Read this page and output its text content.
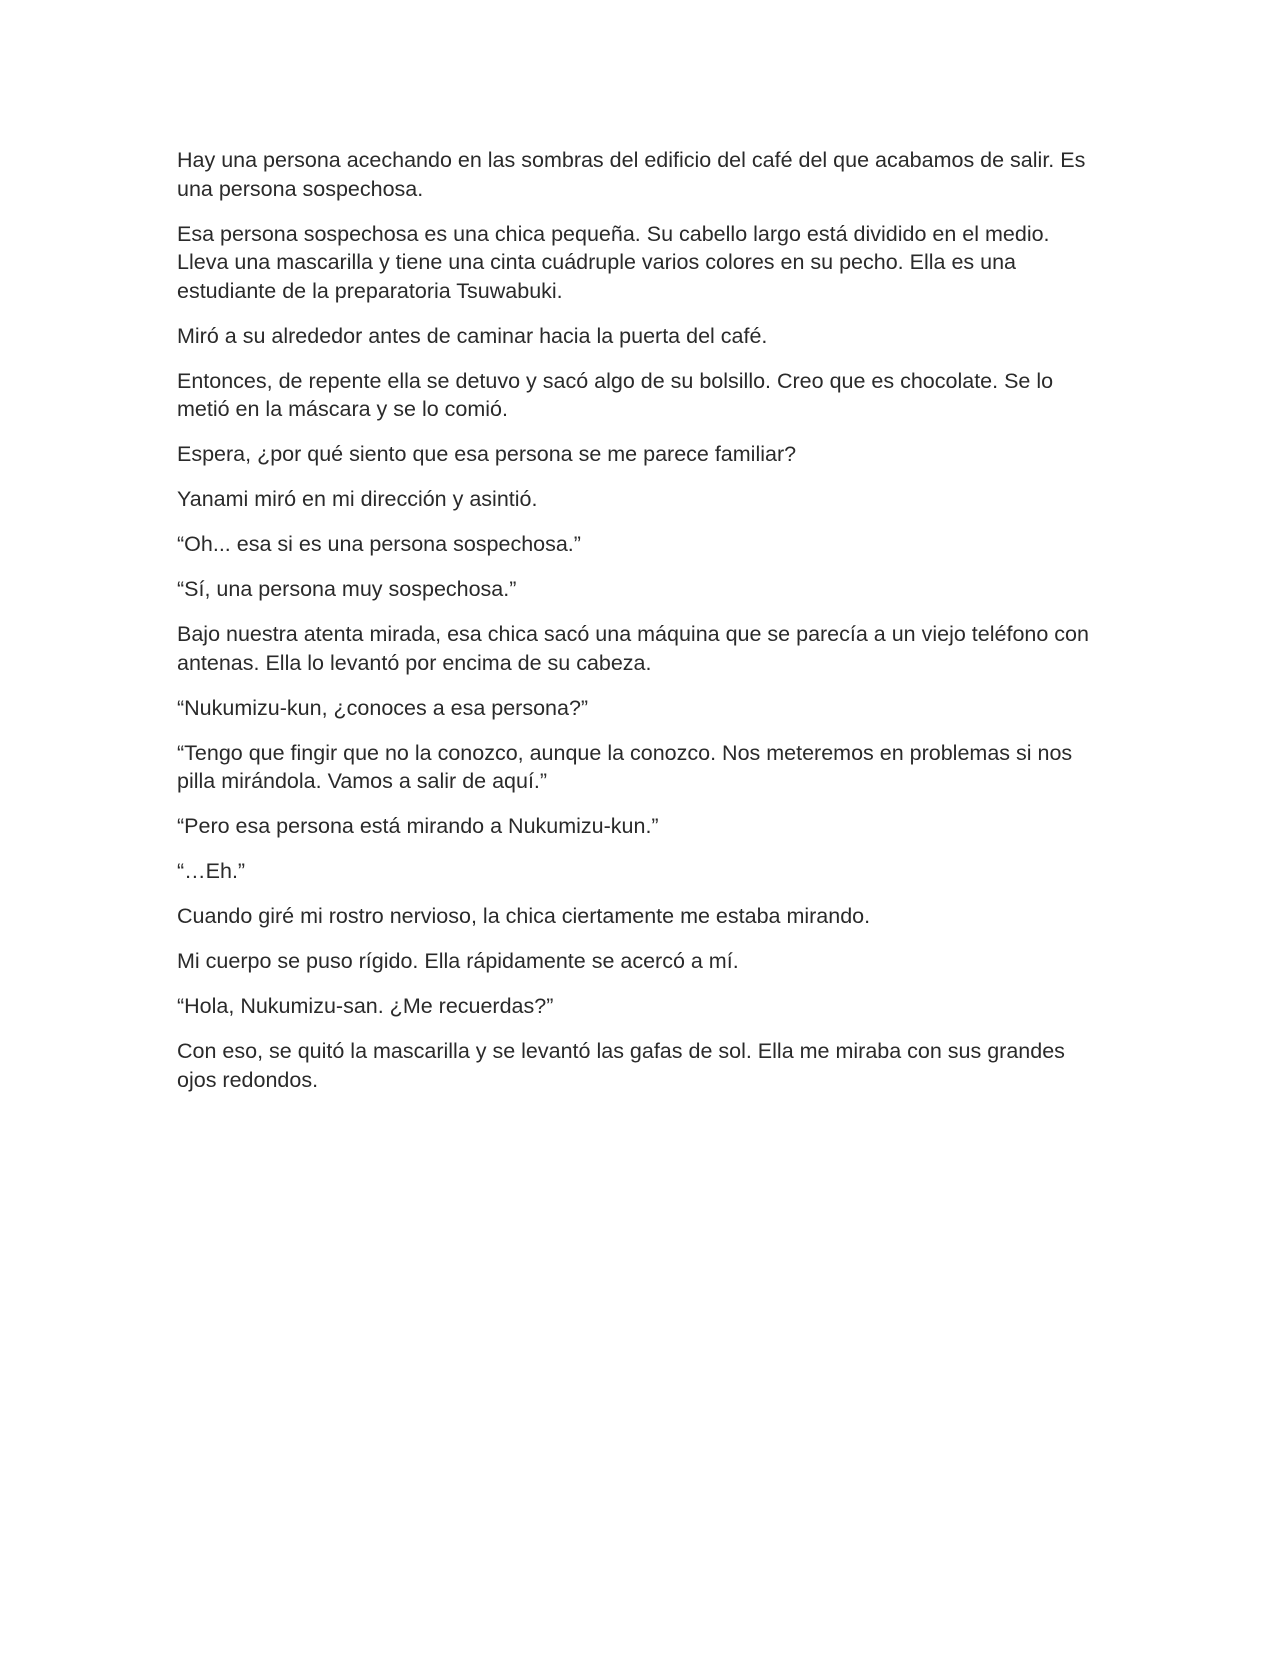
Hay una persona acechando en las sombras del edificio del café del que acabamos de salir. Es una persona sospechosa.

Esa persona sospechosa es una chica pequeña. Su cabello largo está dividido en el medio. Lleva una mascarilla y tiene una cinta cuádruple varios colores en su pecho. Ella es una estudiante de la preparatoria Tsuwabuki.

Miró a su alrededor antes de caminar hacia la puerta del café.

Entonces, de repente ella se detuvo y sacó algo de su bolsillo. Creo que es chocolate. Se lo metió en la máscara y se lo comió.

Espera, ¿por qué siento que esa persona se me parece familiar?

Yanami miró en mi dirección y asintió.

“Oh... esa si es una persona sospechosa.”

“Sí, una persona muy sospechosa.”

Bajo nuestra atenta mirada, esa chica sacó una máquina que se parecía a un viejo teléfono con antenas. Ella lo levantó por encima de su cabeza.

“Nukumizu-kun, ¿conoces a esa persona?”

“Tengo que fingir que no la conozco, aunque la conozco. Nos meteremos en problemas si nos pilla mirándola. Vamos a salir de aquí.”

“Pero esa persona está mirando a Nukumizu-kun.”

“…Eh.”

Cuando giré mi rostro nervioso, la chica ciertamente me estaba mirando.

Mi cuerpo se puso rígido. Ella rápidamente se acercó a mí.

“Hola, Nukumizu-san. ¿Me recuerdas?”

Con eso, se quitó la mascarilla y se levantó las gafas de sol. Ella me miraba con sus grandes ojos redondos.
